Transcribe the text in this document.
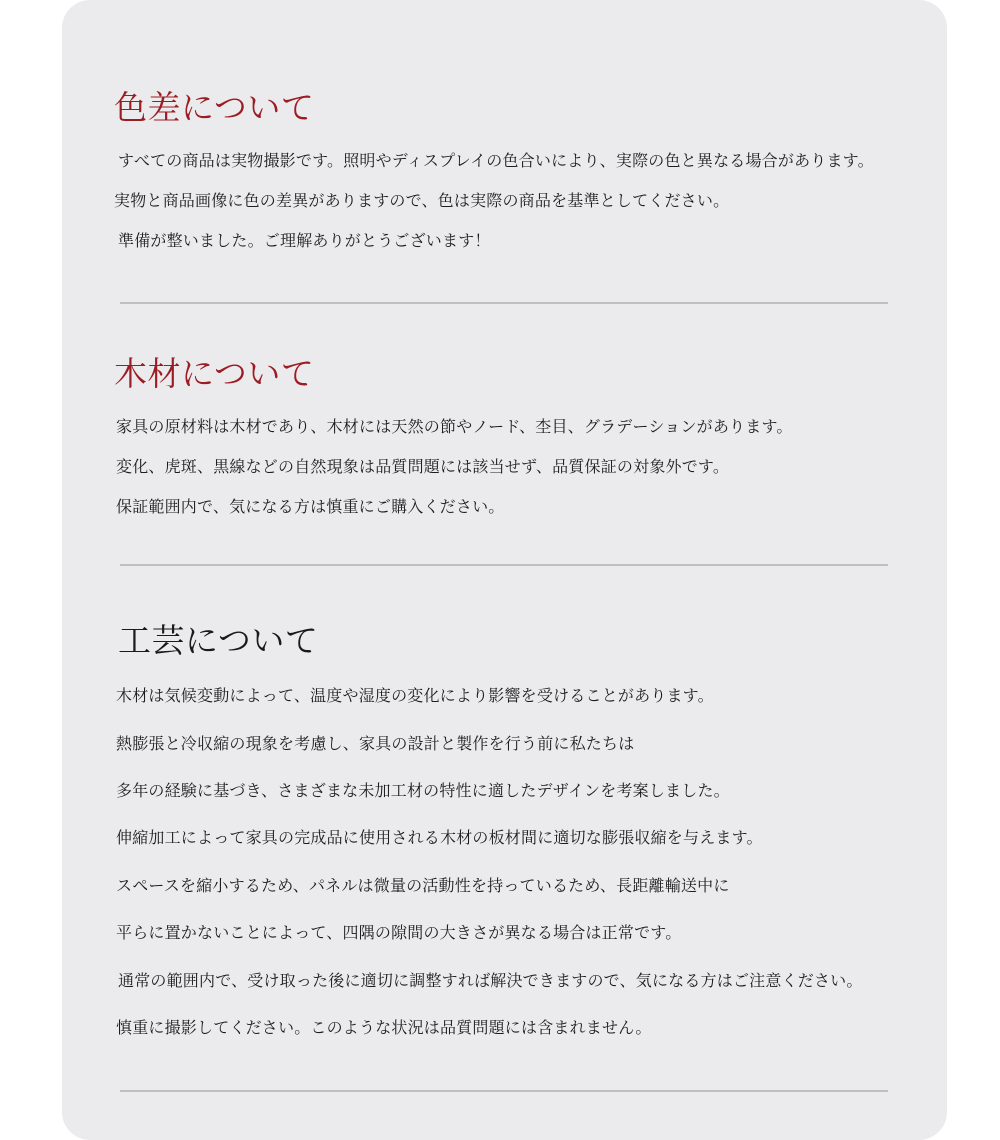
色差について
すべての商品は実物撮影です。照明やディスプレイの色合いにより、実際の色と異なる場合があります。
実物と商品画像に色の差異がありますので、色は実際の商品を基準としてください。
準備が整いました。ご理解ありがとうございます！
木材について
家具の原材料は木材であり、木材には天然の節やノード、杢目、グラデーションがあります。
変化、虎斑、黒線などの自然現象は品質問題には該当せず、品質保証の対象外です。
保証範囲内で、気になる方は慎重にご購入ください。
工芸について
木材は気候変動によって、温度や湿度の変化により影響を受けることがあります。
熱膨張と冷収縮の現象を考慮し、家具の設計と製作を行う前に私たちは
多年の経験に基づき、さまざまな未加工材の特性に適したデザインを考案しました。
伸縮加工によって家具の完成品に使用される木材の板材間に適切な膨張収縮を与えます。
スペースを縮小するため、パネルは微量の活動性を持っているため、長距離輸送中に
平らに置かないことによって、四隅の隙間の大きさが異なる場合は正常です。
通常の範囲内で、受け取った後に適切に調整すれば解決できますので、気になる方はご注意ください。
慎重に撮影してください。このような状況は品質問題には含まれません。
